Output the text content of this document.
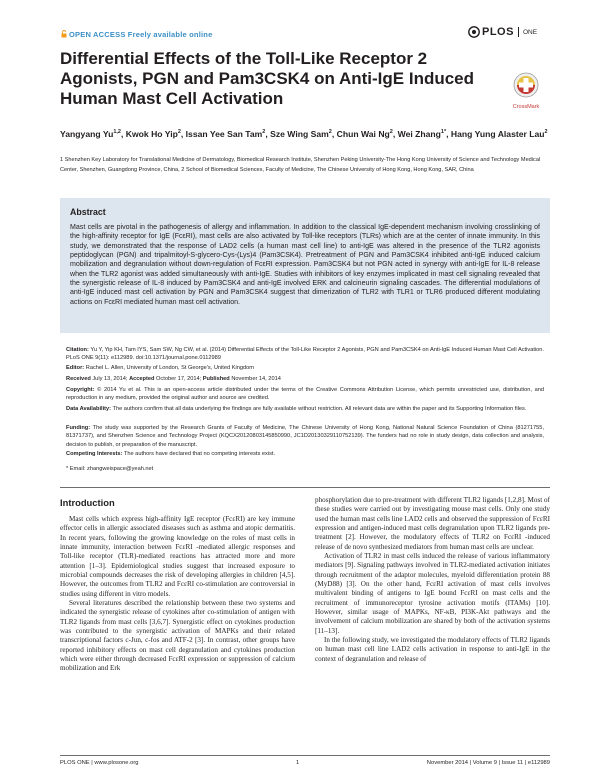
OPEN ACCESS Freely available online	PLOS ONE
Differential Effects of the Toll-Like Receptor 2 Agonists, PGN and Pam3CSK4 on Anti-IgE Induced Human Mast Cell Activation	CrossMark
Yangyang Yu$^{1,2}$, Kwok Ho Yip$^2$, Issan Yee San Tam$^2$, Sze Wing Sam$^2$, Chun Wai Ng$^2$, Wei Zhang$^{1*}$, Hang Yung Alaster Lau$^2$
1 Shenzhen Key Laboratory for Translational Medicine of Dermatology, Biomedical Research Institute, Shenzhen Peking University-The Hong Kong University of Science and Technology Medical Center, Shenzhen, Guangdong Province, China, 2 School of Biomedical Sciences, Faculty of Medicine, The Chinese University of Hong Kong, Hong Kong, SAR, China
Abstract
Mast cells are pivotal in the pathogenesis of allergy and inflammation. In addition to the classical IgE-dependent mechanism involving crosslinking of the high-affinity receptor for IgE (FcεRI), mast cells are also activated by Toll-like receptors (TLRs) which are at the center of innate immunity. In this study, we demonstrated that the response of LAD2 cells (a human mast cell line) to anti-IgE was altered in the presence of the TLR2 agonists peptidoglycan (PGN) and tripalmitoyl-S-glycero-Cys-(Lys)4 (Pam3CSK4). Pretreatment of PGN and Pam3CSK4 inhibited anti-IgE induced calcium mobilization and degranulation without down-regulation of FcεRI expression. Pam3CSK4 but not PGN acted in synergy with anti-IgE for IL-8 release when the TLR2 agonist was added simultaneously with anti-IgE. Studies with inhibitors of key enzymes implicated in mast cell signaling revealed that the synergistic release of IL-8 induced by Pam3CSK4 and anti-IgE involved ERK and calcineurin signaling cascades. The differential modulations of anti-IgE induced mast cell activation by PGN and Pam3CSK4 suggest that dimerization of TLR2 with TLR1 or TLR6 produced different modulating actions on FcεRI mediated human mast cell activation.
Citation: Yu Y, Yip KH, Tam IYS, Sam SW, Ng CW, et al. (2014) Differential Effects of the Toll-Like Receptor 2 Agonists, PGN and Pam3CSK4 on Anti-IgE Induced Human Mast Cell Activation. PLoS ONE 9(11): e112989. doi:10.1371/journal.pone.0112989
Editor: Rachel L. Allen, University of London, St George's, United Kingdom
Received July 13, 2014; Accepted October 17, 2014; Published November 14, 2014
Copyright: © 2014 Yu et al. This is an open-access article distributed under the terms of the Creative Commons Attribution License, which permits unrestricted use, distribution, and reproduction in any medium, provided the original author and source are credited.
Data Availability: The authors confirm that all data underlying the findings are fully available without restriction. All relevant data are within the paper and its Supporting Information files.
Funding: The study was supported by the Research Grants of Faculty of Medicine, The Chinese University of Hong Kong, National Natural Science Foundation of China (81271755, 81371737), and Shenzhen Science and Technology Project (KQCX20120803145850990, JC1D20130329110752139). The funders had no role in study design, data collection and analysis, decision to publish, or preparation of the manuscript.
Competing Interests: The authors have declared that no competing interests exist.
* Email: zhangweispace@yeah.net
Introduction

Mast cells which express high-affinity IgE receptor (FcεRI) are key immune effector cells in allergic associated diseases such as asthma and atopic dermatitis. In recent years, following the growing knowledge on the roles of mast cells in innate immunity, interaction between FcεRI -mediated allergic responses and Toll-like receptor (TLR)-mediated reactions has attracted more and more attention [1–3]. Epidemiological studies suggest that increased exposure to microbial compounds decreases the risk of developing allergies in children [4,5]. However, the outcomes from TLR2 and FcεRI co-stimulation are controversial in studies using different in vitro models.

Several literatures described the relationship between these two systems and indicated the synergistic release of cytokines after co-stimulation of antigen with TLR2 ligands from mast cells [3,6,7]. Synergistic effect on cytokines production was contributed to the synergistic activation of MAPKs and their related transcriptional factors c-Jun, c-fos and ATF-2 [3]. In contrast, other groups have reported inhibitory effects on mast cell degranulation and cytokines production which were either through decreased FcεRI expression or suppression of calcium mobilization and Erk

phosphorylation due to pre-treatment with different TLR2 ligands [1,2,8]. Most of these studies were carried out by investigating mouse mast cells. Only one study used the human mast cells line LAD2 cells and observed the suppression of FcεRI expression and antigen-induced mast cells degranulation upon TLR2 ligands pre-treatment [2]. However, the modulatory effects of TLR2 on FcεRI -induced release of de novo synthesized mediators from human mast cells are unclear.

Activation of TLR2 in mast cells induced the release of various inflammatory mediators [9]. Signaling pathways involved in TLR2-mediated activation initiates through recruitment of the adaptor molecules, myeloid differentiation protein 88 (MyD88) [3]. On the other hand, FcεRI activation of mast cells involves multivalent binding of antigens to IgE bound FcεRI on mast cells and the recruitment of immunoreceptor tyrosine activation motifs (ITAMs) [10]. However, similar usage of MAPKs, NF-κB, PI3K-Akt pathways and the involvement of calcium mobilization are shared by both of the activation systems [11–13].

In the following study, we investigated the modulatory effects of TLR2 ligands on human mast cell line LAD2 cells activation in response to anti-IgE in the context of degranulation and release of

PLOS ONE | www.plosone.org	1	November 2014 | Volume 9 | Issue 11 | e112989
